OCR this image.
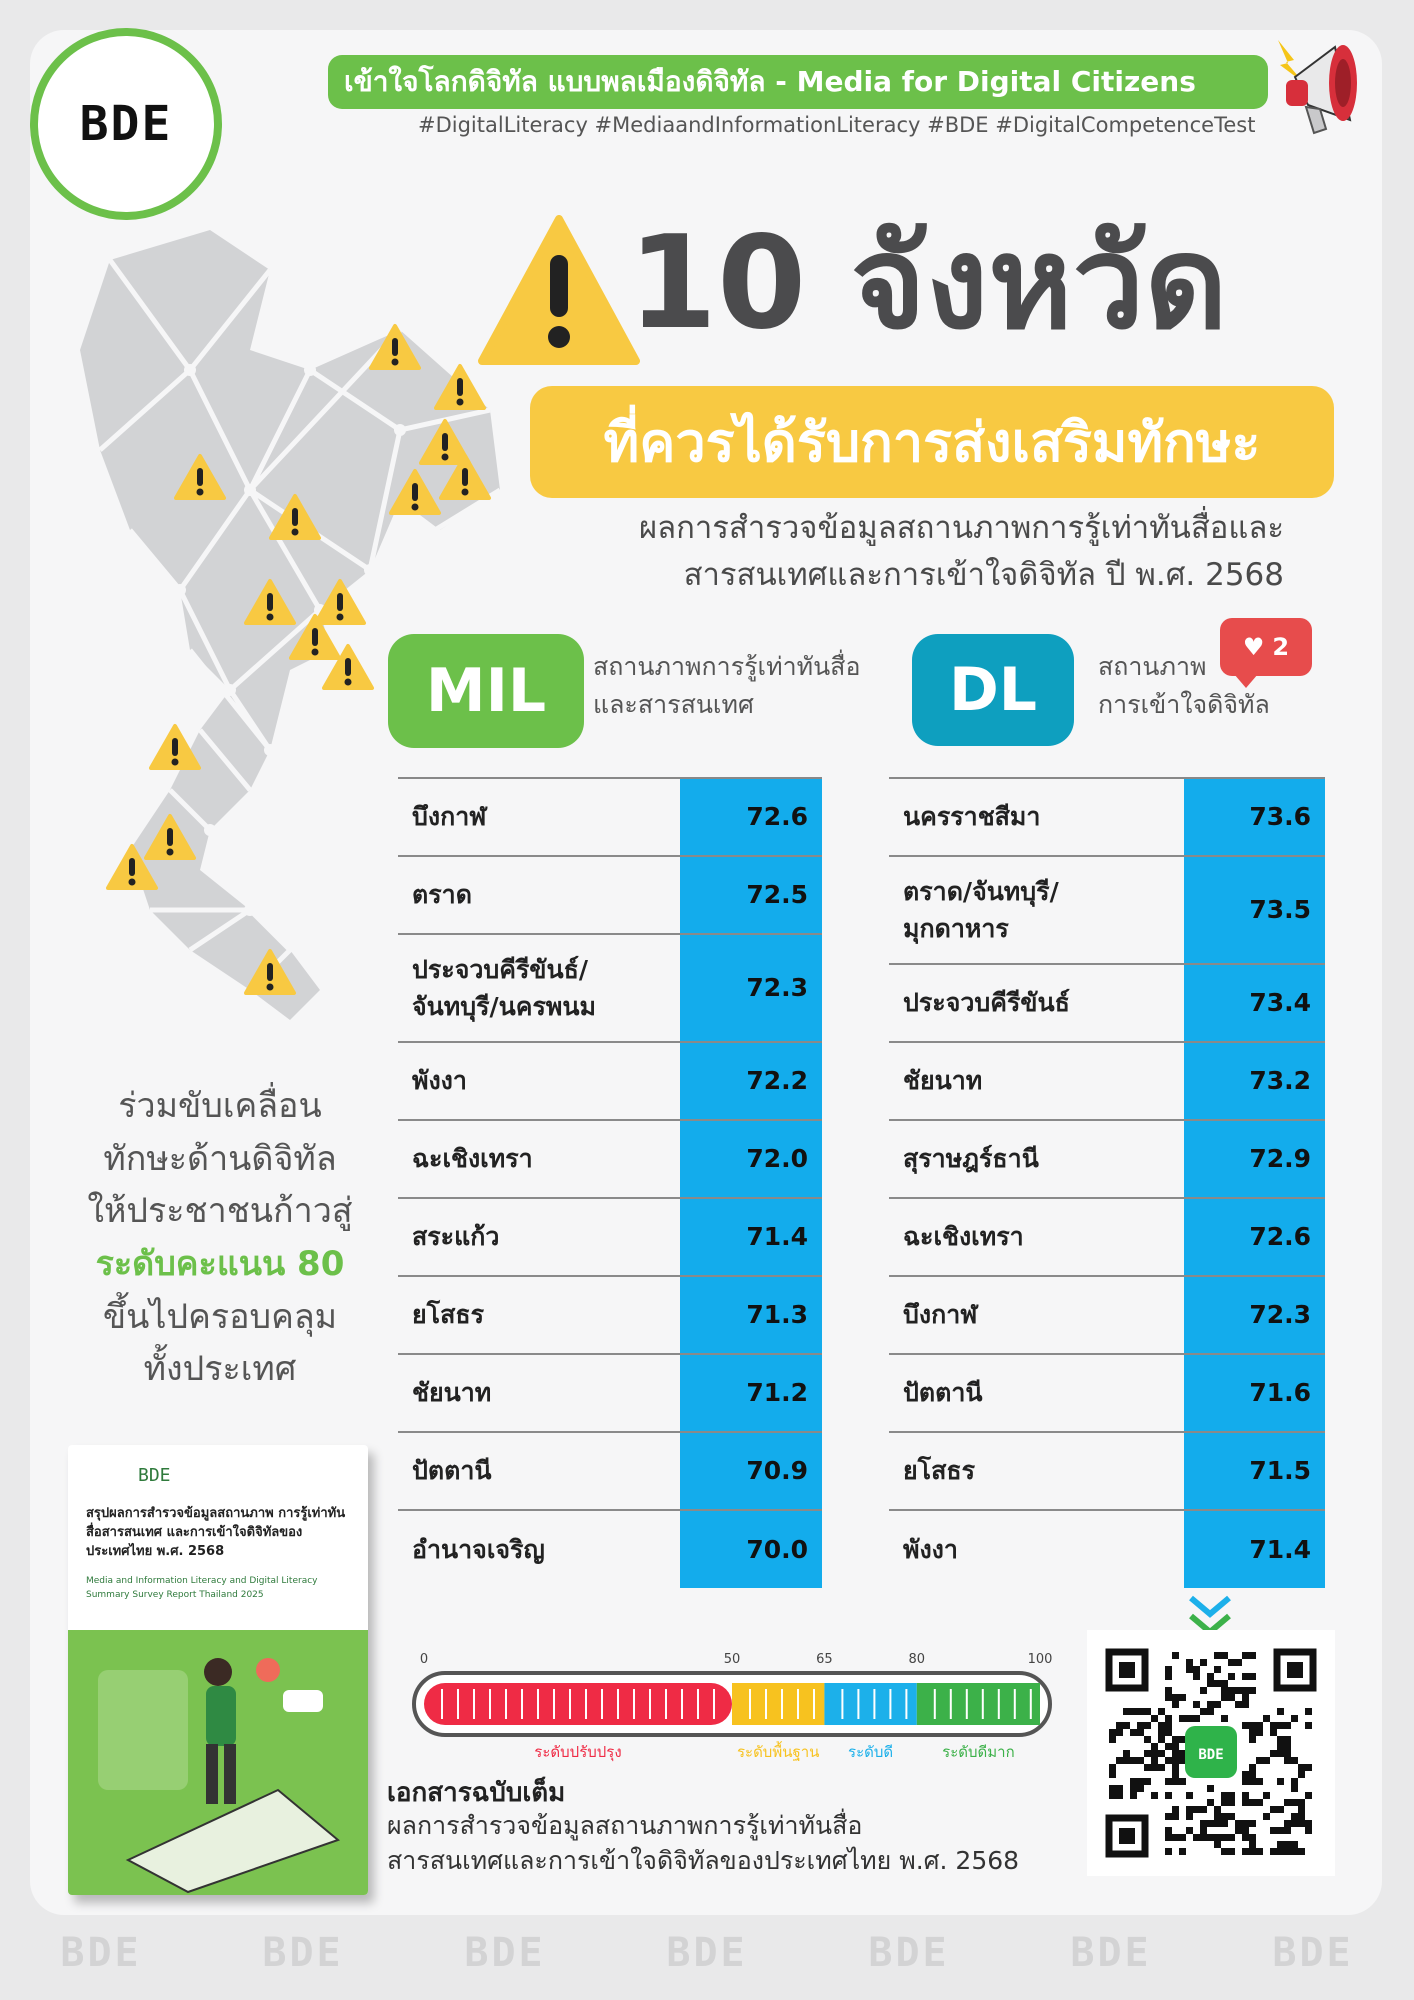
BDE
เข้าใจโลกดิจิทัล แบบพลเมืองดิจิทัล - Media for Digital Citizens
#DigitalLiteracy #MediaandInformationLiteracy #BDE #DigitalCompetenceTest
10 จังหวัด
ที่ควรได้รับการส่งเสริมทักษะ
ผลการสำรวจข้อมูลสถานภาพการรู้เท่าทันสื่อและ
สารสนเทศและการเข้าใจดิจิทัล ปี พ.ศ. 2568
MIL	สถานภาพการรู้เท่าทันสื่อ
และสารสนเทศ	DL	สถานภาพ
การเข้าใจดิจิทัล
♥ 2
บึงกาฬ	72.6
ตราด	72.5

ประจวบคีรีขันธ์/
จันทบุรี/นครพนม	72.3
พังงา	72.2
ฉะเชิงเทรา	72.0
สระแก้ว	71.4
ยโสธร	71.3
ชัยนาท	71.2
ปัตตานี	70.9
อำนาจเจริญ	70.0
นครราชสีมา	73.6

ตราด/จันทบุรี/
มุกดาหาร	73.5
ประจวบคีรีขันธ์	73.4
ชัยนาท	73.2
สุราษฎร์ธานี	72.9
ฉะเชิงเทรา	72.6
บึงกาฬ	72.3
ปัตตานี	71.6
ยโสธร	71.5
พังงา	71.4
ร่วมขับเคลื่อน
ทักษะด้านดิจิทัล
ให้ประชาชนก้าวสู่
ระดับคะแนน 80
ขึ้นไปครอบคลุม
ทั้งประเทศ
BDE
สรุปผลการสำรวจข้อมูลสถานภาพ การรู้เท่าทันสื่อสารสนเทศ และการเข้าใจดิจิทัลของประเทศไทย พ.ศ. 2568
Media and Information Literacy and Digital Literacy Summary Survey Report Thailand 2025
0	50	65	80	100
ระดับปรับปรุง	ระดับพื้นฐาน ระดับดี	ระดับดีมาก
เอกสารฉบับเต็ม
ผลการสำรวจข้อมูลสถานภาพการรู้เท่าทันสื่อ
สารสนเทศและการเข้าใจดิจิทัลของประเทศไทย พ.ศ. 2568
BDE
BDE	BDE	BDE	BDE	BDE	BDE	BDE
